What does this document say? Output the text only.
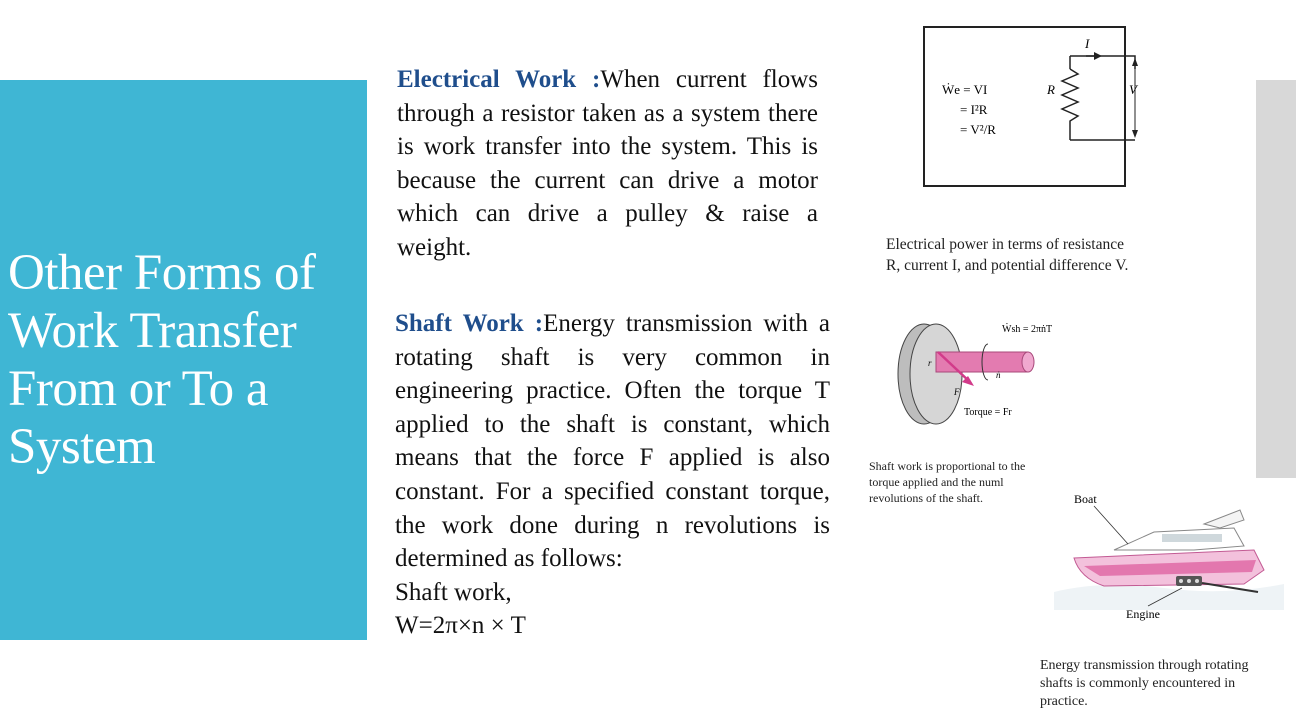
Other Forms of Work Transfer From or To a System

Electrical Work :When current flows through a resistor taken as a system there is work transfer into the system. This is because the current can drive a motor which can drive a pulley & raise a weight.

Shaft Work :Energy transmission with a rotating shaft is very common in engineering practice. Often the torque T applied to the shaft is constant, which means that the force F applied is also constant. For a specified constant torque, the work done during n revolutions is determined as follows:
Shaft work,
W=2π×n × T

I
R	V
Ẇe = VI
= I²R
= V²/R

Electrical power in terms of resistance
R, current I, and potential difference V.

F
r
ṅ
Ẇsh = 2πṅT
Torque = Fr

Shaft work is proportional to the
torque applied and the numl
revolutions of the shaft.	Boat
Engine

Energy transmission through rotating
shafts is commonly encountered in
practice.
